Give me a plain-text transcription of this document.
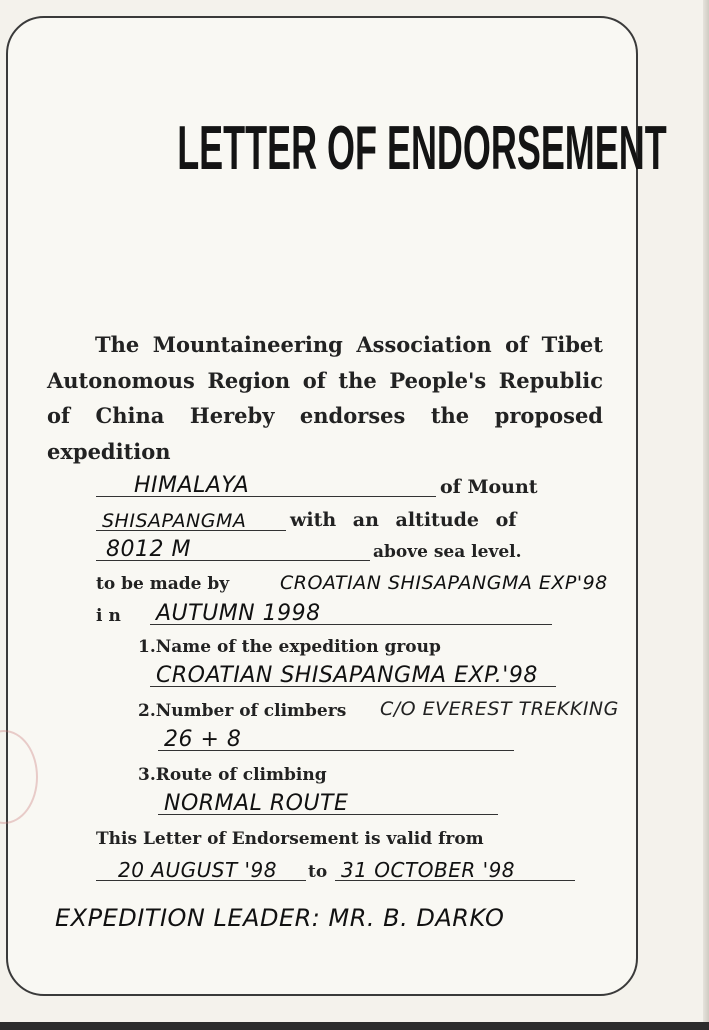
LETTER OF ENDORSEMENT
The Mountaineering Association of Tibet Autonomous Region of the People's Republic of China Hereby endorses the proposed expedition
HIMALAYA	of Mount
SHISAPANGMA with an altitude of
8012 M	above sea level.
to be made by	CROATIAN SHISAPANGMA EXP'98
in AUTUMN 1998
1.Name of the expedition group
CROATIAN SHISAPANGMA EXP.'98
2.Number of climbers C/O EVEREST TREKKING
26 + 8
3.Route of climbing
NORMAL ROUTE
This Letter of Endorsement is valid from
20 AUGUST '98 to 31 OCTOBER '98
EXPEDITION LEADER: MR. B. DARKO
